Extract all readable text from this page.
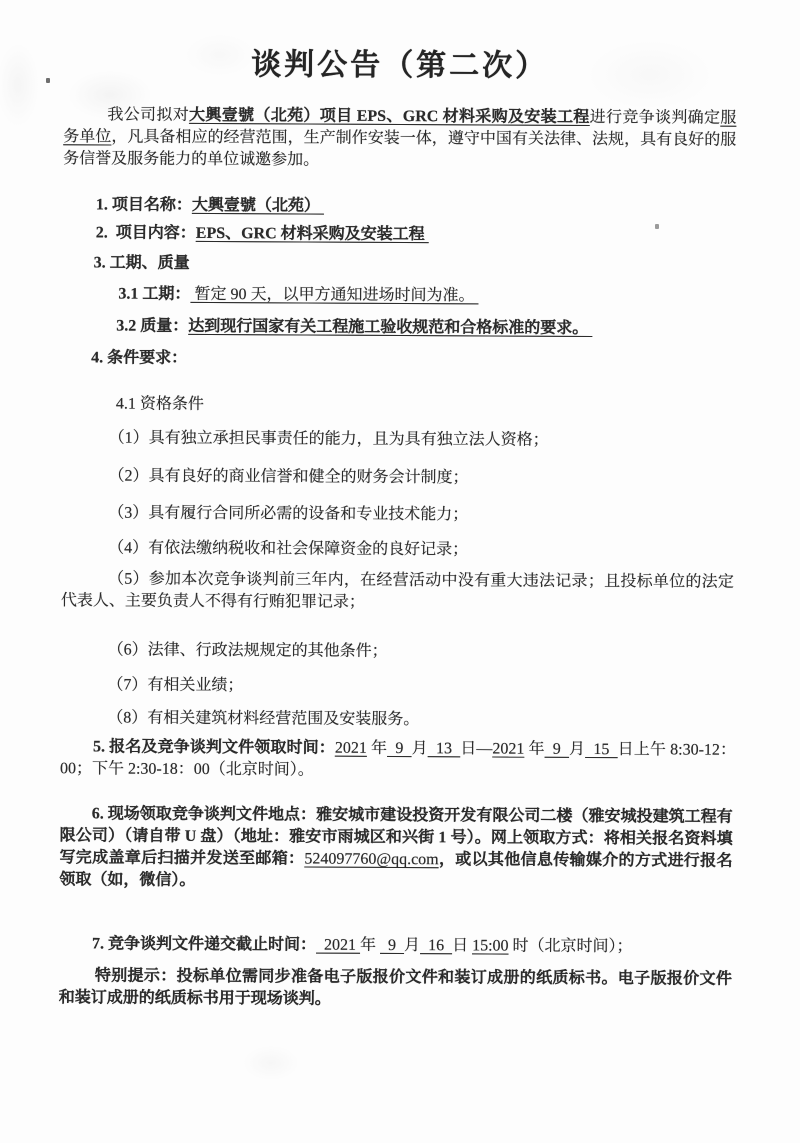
谈判公告（第二次）

我公司拟对大興壹號（北苑）项目 EPS、GRC 材料采购及安装工程进行竞争谈判确定服务单位，凡具备相应的经营范围，生产制作安装一体，遵守中国有关法律、法规，具有良好的服务信誉及服务能力的单位诚邀参加。

1. 项目名称：大興壹號（北苑）

2.  项目内容：EPS、GRC 材料采购及安装工程

3. 工期、质量

3.1 工期： 暂定 90 天，以甲方通知进场时间为准。

3.2 质量：达到现行国家有关工程施工验收规范和合格标准的要求。

4. 条件要求：

4.1 资格条件

（1）具有独立承担民事责任的能力，且为具有独立法人资格；

（2）具有良好的商业信誉和健全的财务会计制度；

（3）具有履行合同所必需的设备和专业技术能力；

（4）有依法缴纳税收和社会保障资金的良好记录；

（5）参加本次竞争谈判前三年内，在经营活动中没有重大违法记录；且投标单位的法定代表人、主要负责人不得有行贿犯罪记录；

（6）法律、行政法规规定的其他条件；

（7）有相关业绩；

（8）有相关建筑材料经营范围及安装服务。

5. 报名及竞争谈判文件领取时间：2021 年  9  月  13  日—2021 年  9  月  15  日上午 8:30-12：00；下午 2:30-18：00（北京时间）。

6. 现场领取竞争谈判文件地点：雅安城市建设投资开发有限公司二楼（雅安城投建筑工程有限公司）（请自带 U 盘）（地址：雅安市雨城区和兴街 1 号）。网上领取方式：将相关报名资料填写完成盖章后扫描并发送至邮箱：524097760@qq.com，或以其他信息传输媒介的方式进行报名领取（如，微信）。

7. 竞争谈判文件递交截止时间：  2021 年   9  月  16  日 15:00 时（北京时间）；

特别提示：投标单位需同步准备电子版报价文件和装订成册的纸质标书。电子版报价文件和装订成册的纸质标书用于现场谈判。
